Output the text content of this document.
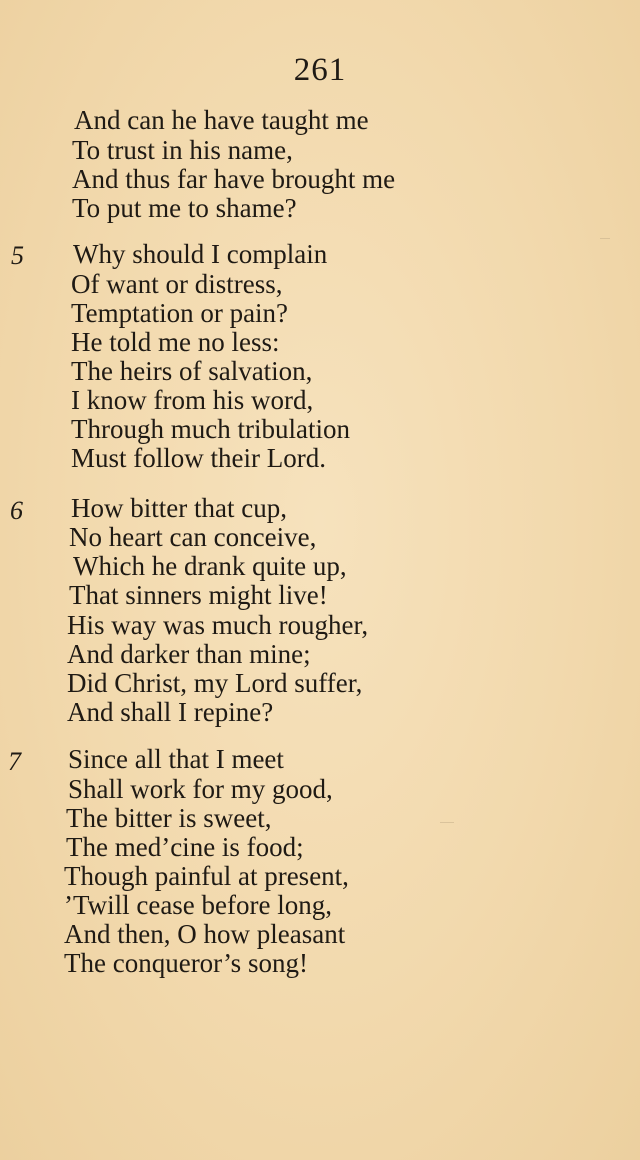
261
And can he have taught me
To trust in his name,
And thus far have brought me
To put me to shame?
5 Why should I complain
Of want or distress,
Temptation or pain?
He told me no less:
The heirs of salvation,
I know from his word,
Through much tribulation
Must follow their Lord.
6 How bitter that cup,
No heart can conceive,
Which he drank quite up,
That sinners might live!
His way was much rougher,
And darker than mine;
Did Christ, my Lord suffer,
And shall I repine?
7 Since all that I meet
Shall work for my good,
The bitter is sweet,
The med’cine is food;
Though painful at present,
’Twill cease before long,
And then, O how pleasant
The conqueror’s song!
